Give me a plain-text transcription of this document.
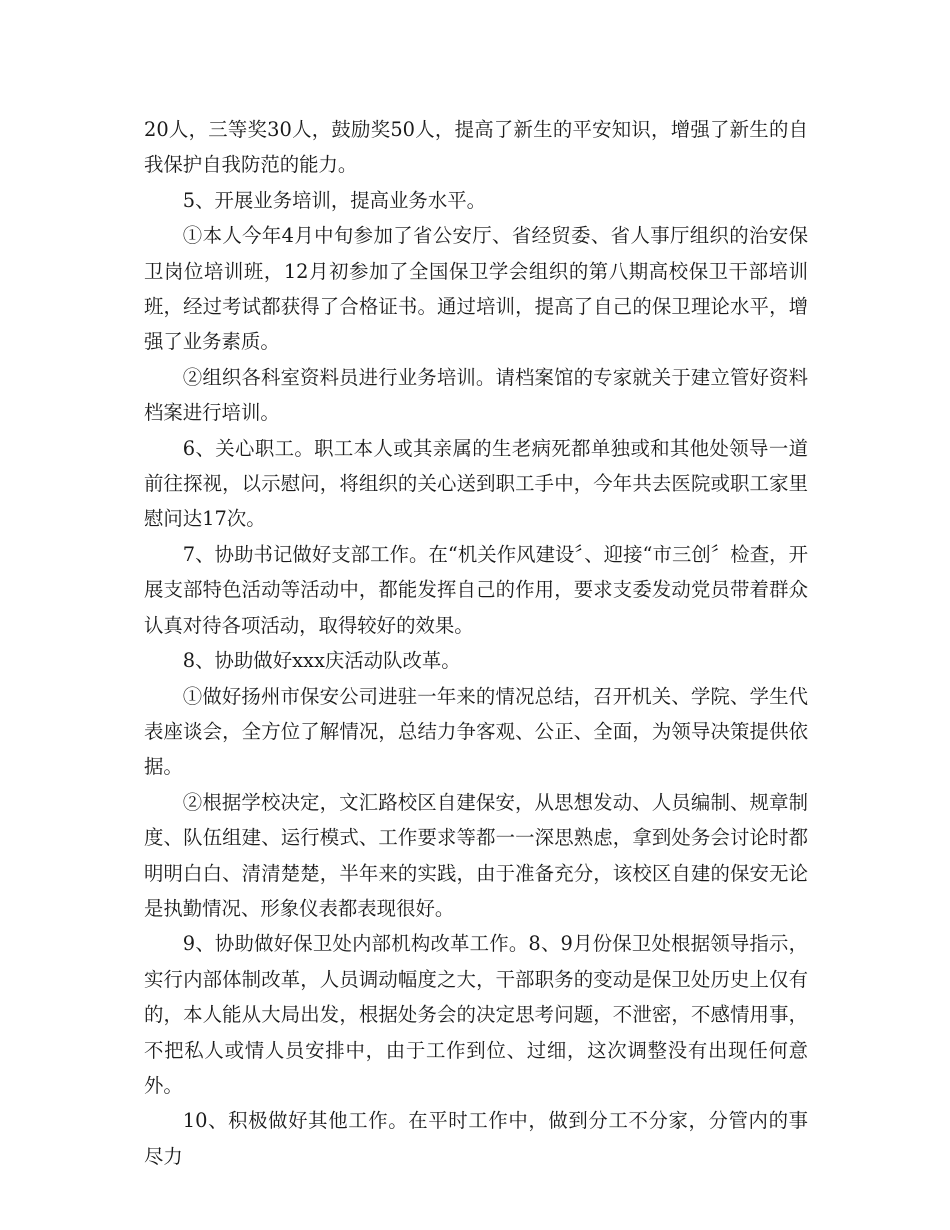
20人，三等奖30人，鼓励奖50人，提高了新生的平安知识，增强了新生的自我保护自我防范的能力。

5、开展业务培训，提高业务水平。

①本人今年4月中旬参加了省公安厅、省经贸委、省人事厅组织的治安保卫岗位培训班，12月初参加了全国保卫学会组织的第八期高校保卫干部培训班，经过考试都获得了合格证书。通过培训，提高了自己的保卫理论水平，增强了业务素质。

②组织各科室资料员进行业务培训。请档案馆的专家就关于建立管好资料档案进行培训。

6、关心职工。职工本人或其亲属的生老病死都单独或和其他处领导一道前往探视，以示慰问，将组织的关心送到职工手中，今年共去医院或职工家里慰问达17次。

7、协助书记做好支部工作。在“机关作风建设〞、迎接“市三创〞检查，开展支部特色活动等活动中，都能发挥自己的作用，要求支委发动党员带着群众认真对待各项活动，取得较好的效果。

8、协助做好xxx庆活动队改革。

①做好扬州市保安公司进驻一年来的情况总结，召开机关、学院、学生代表座谈会，全方位了解情况，总结力争客观、公正、全面，为领导决策提供依据。

②根据学校决定，文汇路校区自建保安，从思想发动、人员编制、规章制度、队伍组建、运行模式、工作要求等都一一深思熟虑，拿到处务会讨论时都明明白白、清清楚楚，半年来的实践，由于准备充分，该校区自建的保安无论是执勤情况、形象仪表都表现很好。

9、协助做好保卫处内部机构改革工作。8、9月份保卫处根据领导指示，实行内部体制改革，人员调动幅度之大，干部职务的变动是保卫处历史上仅有的，本人能从大局出发，根据处务会的决定思考问题，不泄密，不感情用事，不把私人或情人员安排中，由于工作到位、过细，这次调整没有出现任何意外。

10、积极做好其他工作。在平时工作中，做到分工不分家，分管内的事尽力
